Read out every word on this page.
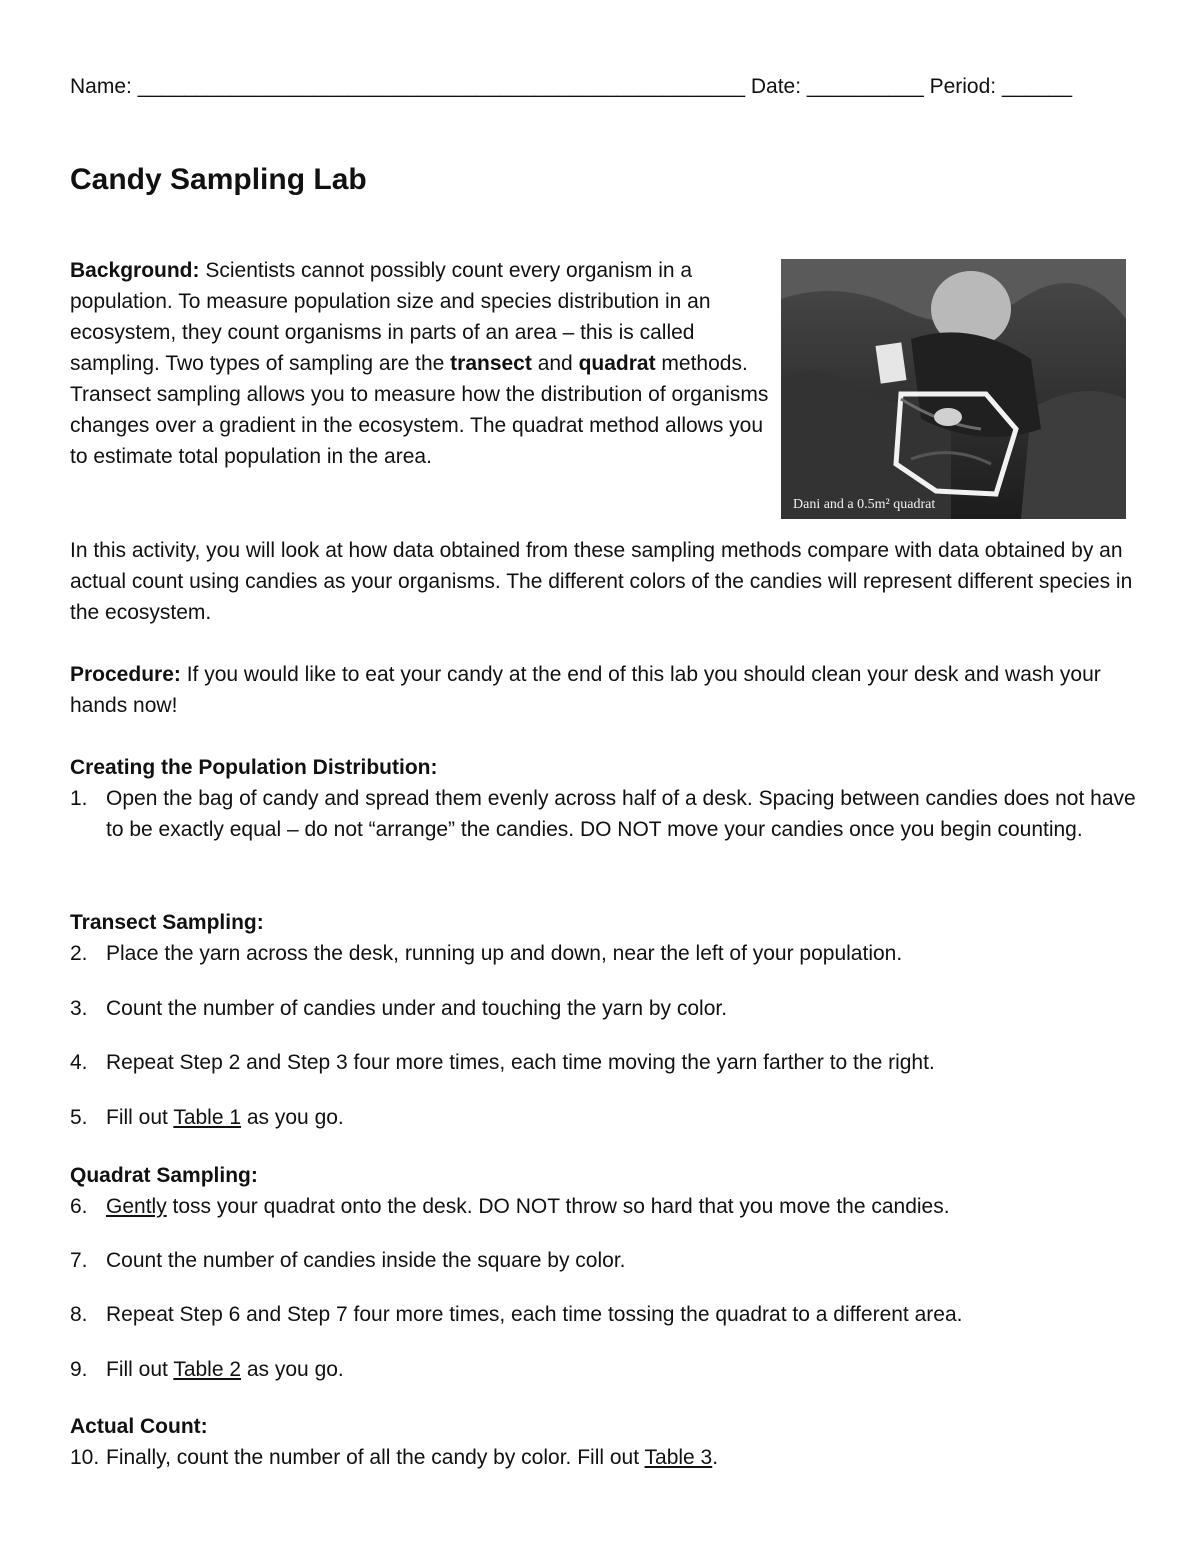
Name: ____________________________________________________ Date: __________ Period: ______
Candy Sampling Lab
Background: Scientists cannot possibly count every organism in a population. To measure population size and species distribution in an ecosystem, they count organisms in parts of an area – this is called sampling. Two types of sampling are the transect and quadrat methods. Transect sampling allows you to measure how the distribution of organisms changes over a gradient in the ecosystem. The quadrat method allows you to estimate total population in the area.
Dani and a 0.5m² quadrat
In this activity, you will look at how data obtained from these sampling methods compare with data obtained by an actual count using candies as your organisms. The different colors of the candies will represent different species in the ecosystem.
Procedure: If you would like to eat your candy at the end of this lab you should clean your desk and wash your hands now!
Creating the Population Distribution:
1. Open the bag of candy and spread them evenly across half of a desk. Spacing between candies does not have to be exactly equal – do not “arrange” the candies. DO NOT move your candies once you begin counting.
Transect Sampling:
2. Place the yarn across the desk, running up and down, near the left of your population.
3. Count the number of candies under and touching the yarn by color.
4. Repeat Step 2 and Step 3 four more times, each time moving the yarn farther to the right.
5. Fill out Table 1 as you go.
Quadrat Sampling:
6. Gently toss your quadrat onto the desk. DO NOT throw so hard that you move the candies.
7. Count the number of candies inside the square by color.
8. Repeat Step 6 and Step 7 four more times, each time tossing the quadrat to a different area.
9. Fill out Table 2 as you go.
Actual Count:
10. Finally, count the number of all the candy by color. Fill out Table 3.
